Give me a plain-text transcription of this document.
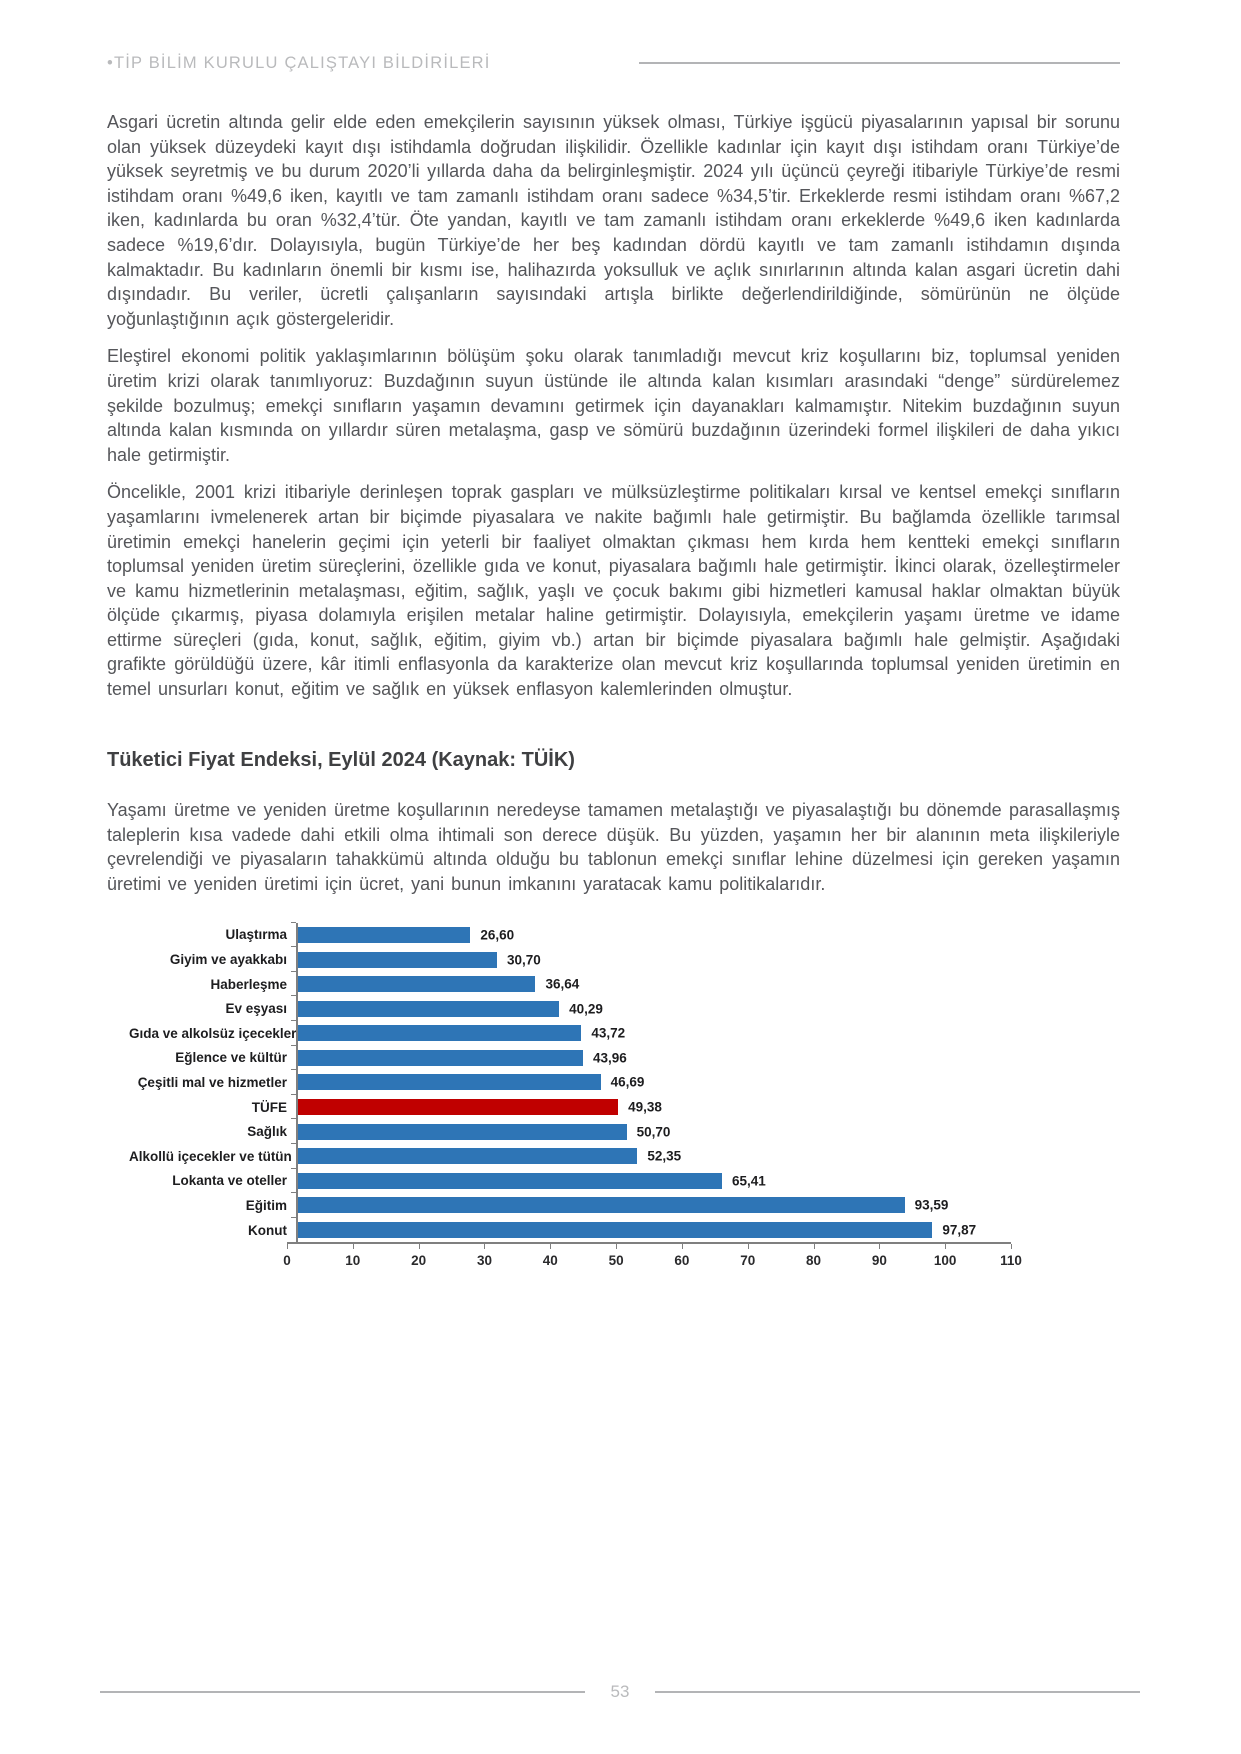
•TİP BİLİM KURULU ÇALIŞTAYI BİLDİRİLERİ

Asgari ücretin altında gelir elde eden emekçilerin sayısının yüksek olması, Türkiye işgücü piyasalarının yapısal bir sorunu olan yüksek düzeydeki kayıt dışı istihdamla doğrudan ilişkilidir. Özellikle kadınlar için kayıt dışı istihdam oranı Türkiye’de yüksek seyretmiş ve bu durum 2020’li yıllarda daha da belirginleşmiştir. 2024 yılı üçüncü çeyreği itibariyle Türkiye’de resmi istihdam oranı %49,6 iken, kayıtlı ve tam zamanlı istihdam oranı sadece %34,5’tir. Erkeklerde resmi istihdam oranı %67,2 iken, kadınlarda bu oran %32,4’tür. Öte yandan, kayıtlı ve tam zamanlı istihdam oranı erkeklerde %49,6 iken kadınlarda sadece %19,6’dır. Dolayısıyla, bugün Türkiye’de her beş kadından dördü kayıtlı ve tam zamanlı istihdamın dışında kalmaktadır. Bu kadınların önemli bir kısmı ise, halihazırda yoksulluk ve açlık sınırlarının altında kalan asgari ücretin dahi dışındadır. Bu veriler, ücretli çalışanların sayısındaki artışla birlikte değerlendirildiğinde, sömürünün ne ölçüde yoğunlaştığının açık göstergeleridir.

Eleştirel ekonomi politik yaklaşımlarının bölüşüm şoku olarak tanımladığı mevcut kriz koşullarını biz, toplumsal yeniden üretim krizi olarak tanımlıyoruz: Buzdağının suyun üstünde ile altında kalan kısımları arasındaki “denge” sürdürelemez şekilde bozulmuş; emekçi sınıfların yaşamın devamını getirmek için dayanakları kalmamıştır. Nitekim buzdağının suyun altında kalan kısmında on yıllardır süren metalaşma, gasp ve sömürü buzdağının üzerindeki formel ilişkileri de daha yıkıcı hale getirmiştir.

Öncelikle, 2001 krizi itibariyle derinleşen toprak gaspları ve mülksüzleştirme politikaları kırsal ve kentsel emekçi sınıfların yaşamlarını ivmelenerek artan bir biçimde piyasalara ve nakite bağımlı hale getirmiştir. Bu bağlamda özellikle tarımsal üretimin emekçi hanelerin geçimi için yeterli bir faaliyet olmaktan çıkması hem kırda hem kentteki emekçi sınıfların toplumsal yeniden üretim süreçlerini, özellikle gıda ve konut, piyasalara bağımlı hale getirmiştir. İkinci olarak, özelleştirmeler ve kamu hizmetlerinin metalaşması, eğitim, sağlık, yaşlı ve çocuk bakımı gibi hizmetleri kamusal haklar olmaktan büyük ölçüde çıkarmış, piyasa dolamıyla erişilen metalar haline getirmiştir. Dolayısıyla, emekçilerin yaşamı üretme ve idame ettirme süreçleri (gıda, konut, sağlık, eğitim, giyim vb.) artan bir biçimde piyasalara bağımlı hale gelmiştir. Aşağıdaki grafikte görüldüğü üzere, kâr itimli enflasyonla da karakterize olan mevcut kriz koşullarında toplumsal yeniden üretimin en temel unsurları konut, eğitim ve sağlık en yüksek enflasyon kalemlerinden olmuştur.

Tüketici Fiyat Endeksi, Eylül 2024 (Kaynak: TÜİK)

Yaşamı üretme ve yeniden üretme koşullarının neredeyse tamamen metalaştığı ve piyasalaştığı bu dönemde parasallaşmış taleplerin kısa vadede dahi etkili olma ihtimali son derece düşük. Bu yüzden, yaşamın her bir alanının meta ilişkileriyle çevrelendiği ve piyasaların tahakkümü altında olduğu bu tablonun emekçi sınıflar lehine düzelmesi için gereken yaşamın üretimi ve yeniden üretimi için ücret, yani bunun imkanını yaratacak kamu politikalarıdır.

Ulaştırma	26,60
Giyim ve ayakkabı	30,70
Haberleşme	36,64
Ev eşyası	40,29
Gıda ve alkolsüz içecekler	43,72
Eğlence ve kültür	43,96
Çeşitli mal ve hizmetler	46,69
TÜFE	49,38
Sağlık	50,70
Alkollü içecekler ve tütün	52,35
Lokanta ve oteller	65,41
Eğitim	93,59
Konut	97,87
0	10	20	30	40	50	60	70	80	90	100	110
53
